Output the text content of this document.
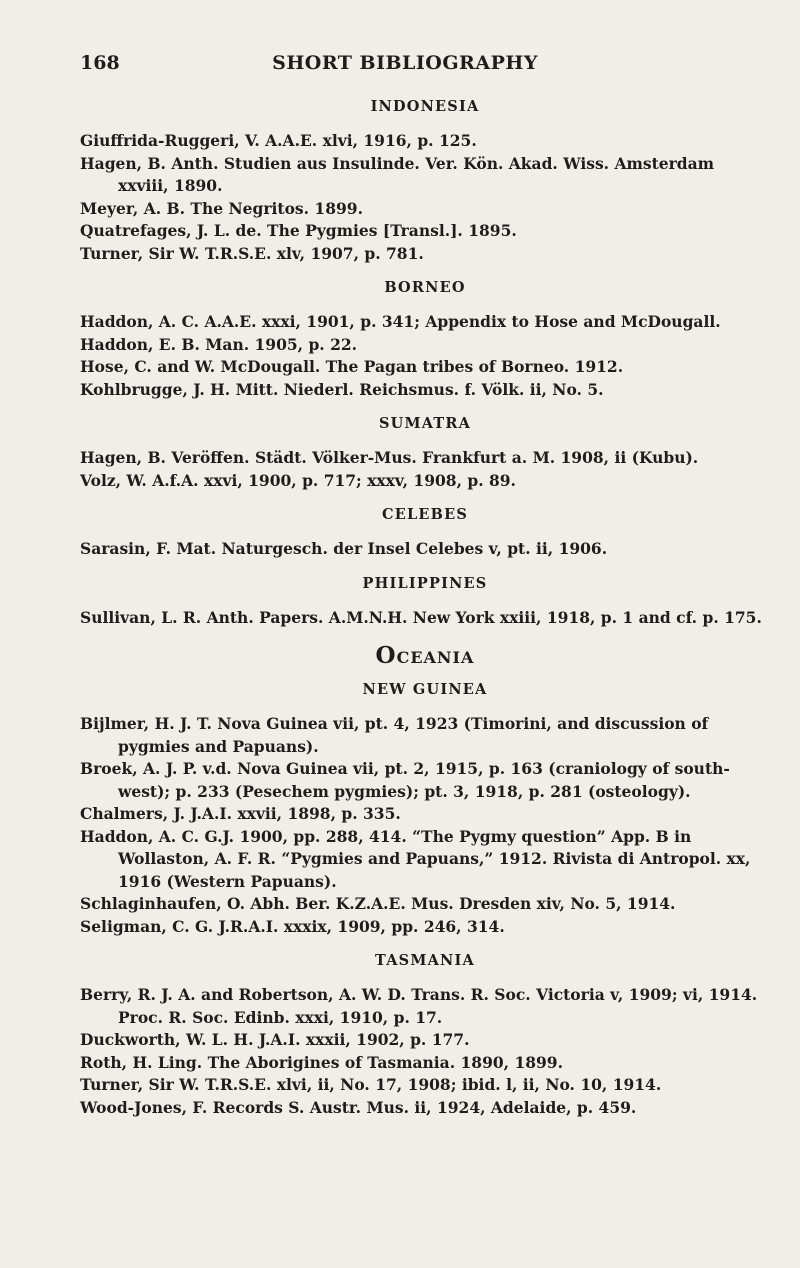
168	SHORT BIBLIOGRAPHY
INDONESIA

Giuffrida-Ruggeri, V. A.A.E. xlvi, 1916, p. 125.

Hagen, B. Anth. Studien aus Insulinde. Ver. Kön. Akad. Wiss. Amsterdam xxviii, 1890.

Meyer, A. B. The Negritos. 1899.

Quatrefages, J. L. de. The Pygmies [Transl.]. 1895.

Turner, Sir W. T.R.S.E. xlv, 1907, p. 781.

BORNEO

Haddon, A. C. A.A.E. xxxi, 1901, p. 341; Appendix to Hose and McDougall.

Haddon, E. B. Man. 1905, p. 22.

Hose, C. and W. McDougall. The Pagan tribes of Borneo. 1912.

Kohlbrugge, J. H. Mitt. Niederl. Reichsmus. f. Völk. ii, No. 5.

SUMATRA

Hagen, B. Veröffen. Städt. Völker-Mus. Frankfurt a. M. 1908, ii (Kubu).

Volz, W. A.f.A. xxvi, 1900, p. 717; xxxv, 1908, p. 89.

CELEBES

Sarasin, F. Mat. Naturgesch. der Insel Celebes v, pt. ii, 1906.

PHILIPPINES

Sullivan, L. R. Anth. Papers. A.M.N.H. New York xxiii, 1918, p. 1 and cf. p. 175.

Oceania
NEW GUINEA

Bijlmer, H. J. T. Nova Guinea vii, pt. 4, 1923 (Timorini, and discussion of pygmies and Papuans).

Broek, A. J. P. v.d. Nova Guinea vii, pt. 2, 1915, p. 163 (craniology of south-west); p. 233 (Pesechem pygmies); pt. 3, 1918, p. 281 (osteology).

Chalmers, J. J.A.I. xxvii, 1898, p. 335.

Haddon, A. C. G.J. 1900, pp. 288, 414. “The Pygmy question” App. B in Wollaston, A. F. R. “Pygmies and Papuans,” 1912. Rivista di Antropol. xx, 1916 (Western Papuans).

Schlaginhaufen, O. Abh. Ber. K.Z.A.E. Mus. Dresden xiv, No. 5, 1914.

Seligman, C. G. J.R.A.I. xxxix, 1909, pp. 246, 314.

TASMANIA

Berry, R. J. A. and Robertson, A. W. D. Trans. R. Soc. Victoria v, 1909; vi, 1914. Proc. R. Soc. Edinb. xxxi, 1910, p. 17.

Duckworth, W. L. H. J.A.I. xxxii, 1902, p. 177.

Roth, H. Ling. The Aborigines of Tasmania. 1890, 1899.

Turner, Sir W. T.R.S.E. xlvi, ii, No. 17, 1908; ibid. l, ii, No. 10, 1914.

Wood-Jones, F. Records S. Austr. Mus. ii, 1924, Adelaide, p. 459.
